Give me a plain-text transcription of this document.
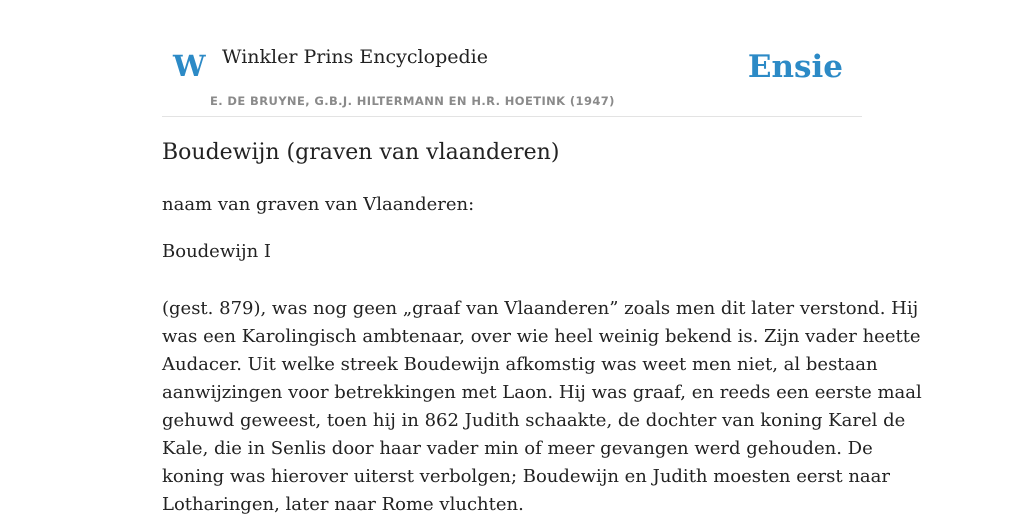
W Winkler Prins Encyclopedie
E. DE BRUYNE, G.B.J. HILTERMANN EN H.R. HOETINK (1947)
Ensie
Boudewijn (graven van vlaanderen)

naam van graven van Vlaanderen:

Boudewijn I

(gest. 879), was nog geen „graaf van Vlaanderen” zoals men dit later verstond. Hij
was een Karolingisch ambtenaar, over wie heel weinig bekend is. Zijn vader heette
Audacer. Uit welke streek Boudewijn afkomstig was weet men niet, al bestaan
aanwijzingen voor betrekkingen met Laon. Hij was graaf, en reeds een eerste maal
gehuwd geweest, toen hij in 862 Judith schaakte, de dochter van koning Karel de
Kale, die in Senlis door haar vader min of meer gevangen werd gehouden. De
koning was hierover uiterst verbolgen; Boudewijn en Judith moesten eerst naar
Lotharingen, later naar Rome vluchten.
